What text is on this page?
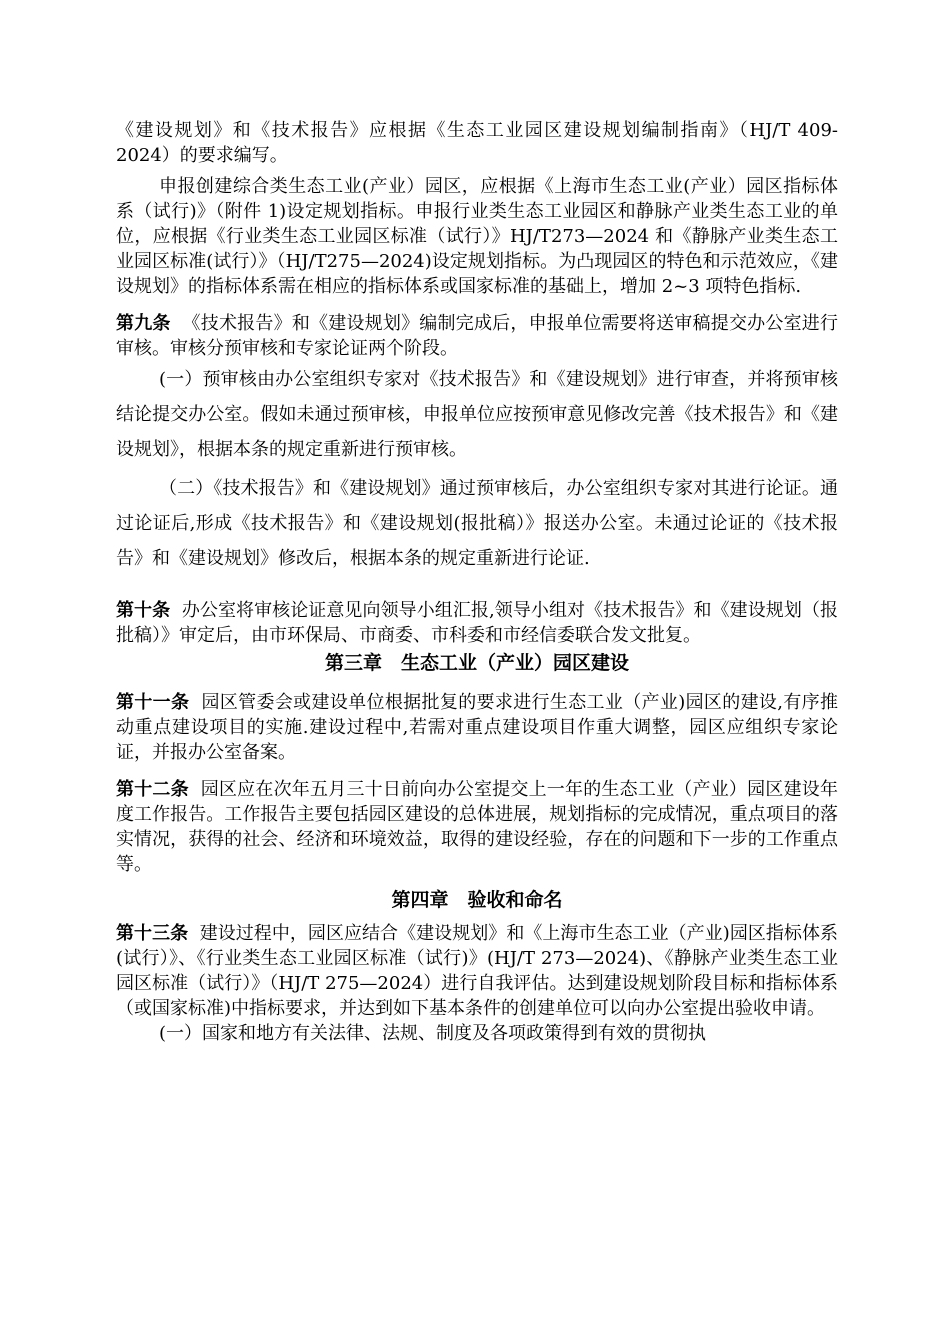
《建设规划》和《技术报告》应根据《生态工业园区建设规划编制指南》（HJ/T 409-2024）的要求编写。

申报创建综合类生态工业(产业）园区，应根据《上海市生态工业(产业）园区指标体系（试行)》（附件 1)设定规划指标。申报行业类生态工业园区和静脉产业类生态工业的单位，应根据《行业类生态工业园区标准（试行）》HJ/T273—2024 和《静脉产业类生态工业园区标准(试行）》（HJ/T275—2024)设定规划指标。为凸现园区的特色和示范效应，《建设规划》的指标体系需在相应的指标体系或国家标准的基础上，增加 2~3 项特色指标.

第九条 《技术报告》和《建设规划》编制完成后，申报单位需要将送审稿提交办公室进行审核。审核分预审核和专家论证两个阶段。

(一）预审核由办公室组织专家对《技术报告》和《建设规划》进行审查，并将预审核结论提交办公室。假如未通过预审核，申报单位应按预审意见修改完善《技术报告》和《建设规划》，根据本条的规定重新进行预审核。

（二）《技术报告》和《建设规划》通过预审核后，办公室组织专家对其进行论证。通过论证后,形成《技术报告》和《建设规划(报批稿）》报送办公室。未通过论证的《技术报告》和《建设规划》修改后，根据本条的规定重新进行论证.

第十条 办公室将审核论证意见向领导小组汇报,领导小组对《技术报告》和《建设规划（报批稿）》审定后，由市环保局、市商委、市科委和市经信委联合发文批复。

第三章　生态工业（产业）园区建设

第十一条 园区管委会或建设单位根据批复的要求进行生态工业（产业)园区的建设,有序推动重点建设项目的实施.建设过程中,若需对重点建设项目作重大调整，园区应组织专家论证，并报办公室备案。

第十二条 园区应在次年五月三十日前向办公室提交上一年的生态工业（产业）园区建设年度工作报告。工作报告主要包括园区建设的总体进展，规划指标的完成情况，重点项目的落实情况，获得的社会、经济和环境效益，取得的建设经验，存在的问题和下一步的工作重点等。

第四章　验收和命名

第十三条 建设过程中，园区应结合《建设规划》和《上海市生态工业（产业)园区指标体系(试行）》、《行业类生态工业园区标准（试行)》(HJ/T 273—2024)、《静脉产业类生态工业园区标准（试行）》（HJ/T 275—2024）进行自我评估。达到建设规划阶段目标和指标体系（或国家标准)中指标要求，并达到如下基本条件的创建单位可以向办公室提出验收申请。

(一）国家和地方有关法律、法规、制度及各项政策得到有效的贯彻执
